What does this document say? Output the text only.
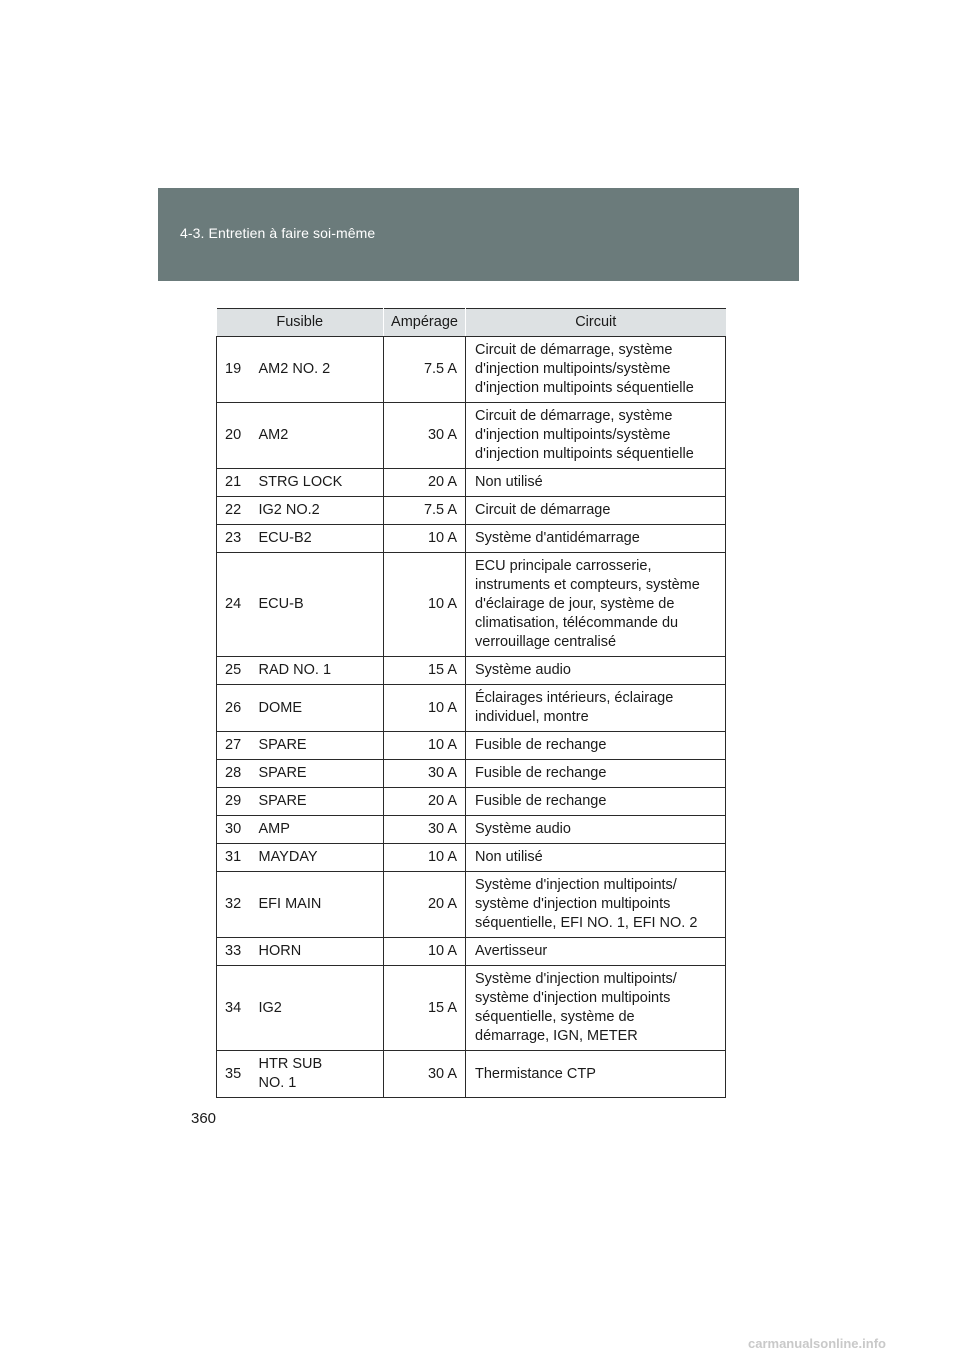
4-3. Entretien à faire soi-même
Fusible		Ampérage	Circuit

19	AM2 NO. 2	7.5 A	Circuit de démarrage, système
d'injection multipoints/système
d'injection multipoints séquentielle

20	AM2	30 A	Circuit de démarrage, système
d'injection multipoints/système
d'injection multipoints séquentielle

21	STRG LOCK	20 A	Non utilisé

22	IG2 NO.2	7.5 A	Circuit de démarrage

23	ECU-B2	10 A	Système d'antidémarrage

24	ECU-B	10 A	ECU principale carrosserie,
instruments et compteurs, système
d'éclairage de jour, système de
climatisation, télécommande du
verrouillage centralisé

25	RAD NO. 1	15 A	Système audio

26	DOME	10 A	Éclairages intérieurs, éclairage
individuel, montre

27	SPARE	10 A	Fusible de rechange

28	SPARE	30 A	Fusible de rechange

29	SPARE	20 A	Fusible de rechange

30	AMP	30 A	Système audio

31	MAYDAY	10 A	Non utilisé

32	EFI MAIN	20 A	Système d'injection multipoints/
système d'injection multipoints
séquentielle, EFI NO. 1, EFI NO. 2

33	HORN	10 A	Avertisseur

34	IG2	15 A	Système d'injection multipoints/
système d'injection multipoints
séquentielle, système de
démarrage, IGN, METER

35	HTR SUB
NO. 1	30 A	Thermistance CTP
360
carmanualsonline.info
